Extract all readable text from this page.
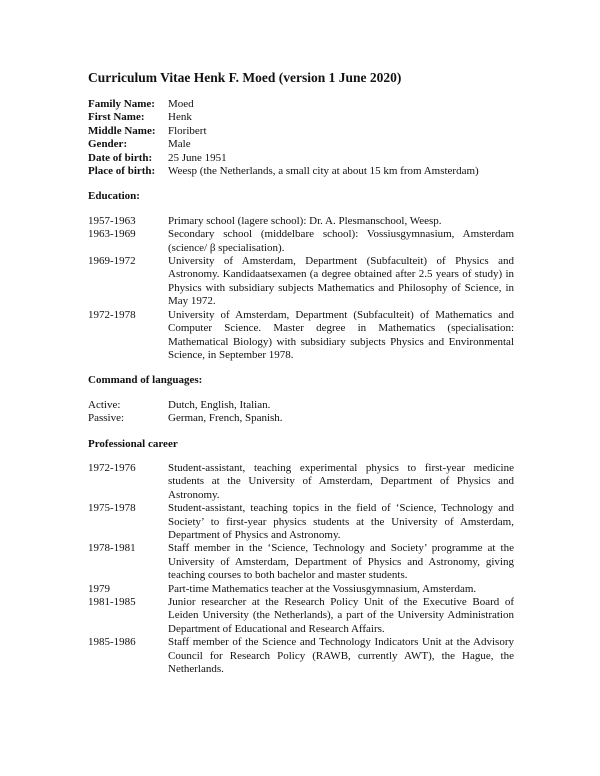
Curriculum Vitae Henk F. Moed (version 1 June 2020)
Family Name:	Moed
First Name:	Henk
Middle Name:	Floribert
Gender:	Male
Date of birth:	25 June 1951
Place of birth:	Weesp (the Netherlands, a small city at about 15 km from Amsterdam)
Education:
1957-1963	Primary school (lagere school): Dr. A. Plesmanschool, Weesp.
1963-1969	Secondary school (middelbare school): Vossiusgymnasium, Amsterdam (science/ β specialisation).
1969-1972	University of Amsterdam, Department (Subfaculteit) of Physics and Astronomy. Kandidaatsexamen (a degree obtained after 2.5 years of study) in Physics with subsidiary subjects Mathematics and Philosophy of Science, in May 1972.
1972-1978	University of Amsterdam, Department (Subfaculteit) of Mathematics and Computer Science. Master degree in Mathematics (specialisation: Mathematical Biology) with subsidiary subjects Physics and Environmental Science, in September 1978.
Command of languages:
Active:	Dutch, English, Italian.
Passive:	German, French, Spanish.
Professional career
1972-1976	Student-assistant, teaching experimental physics to first-year medicine students at the University of Amsterdam, Department of Physics and Astronomy.
1975-1978	Student-assistant, teaching topics in the field of ‘Science, Technology and Society’ to first-year physics students at the University of Amsterdam, Department of Physics and Astronomy.
1978-1981	Staff member in the ‘Science, Technology and Society’ programme at the University of Amsterdam, Department of Physics and Astronomy, giving teaching courses to both bachelor and master students.
1979	Part-time Mathematics teacher at the Vossiusgymnasium, Amsterdam.
1981-1985	Junior researcher at the Research Policy Unit of the Executive Board of Leiden University (the Netherlands), a part of the University Administration Department of Educational and Research Affairs.
1985-1986	Staff member of the Science and Technology Indicators Unit at the Advisory Council for Research Policy (RAWB, currently AWT), the Hague, the Netherlands.
